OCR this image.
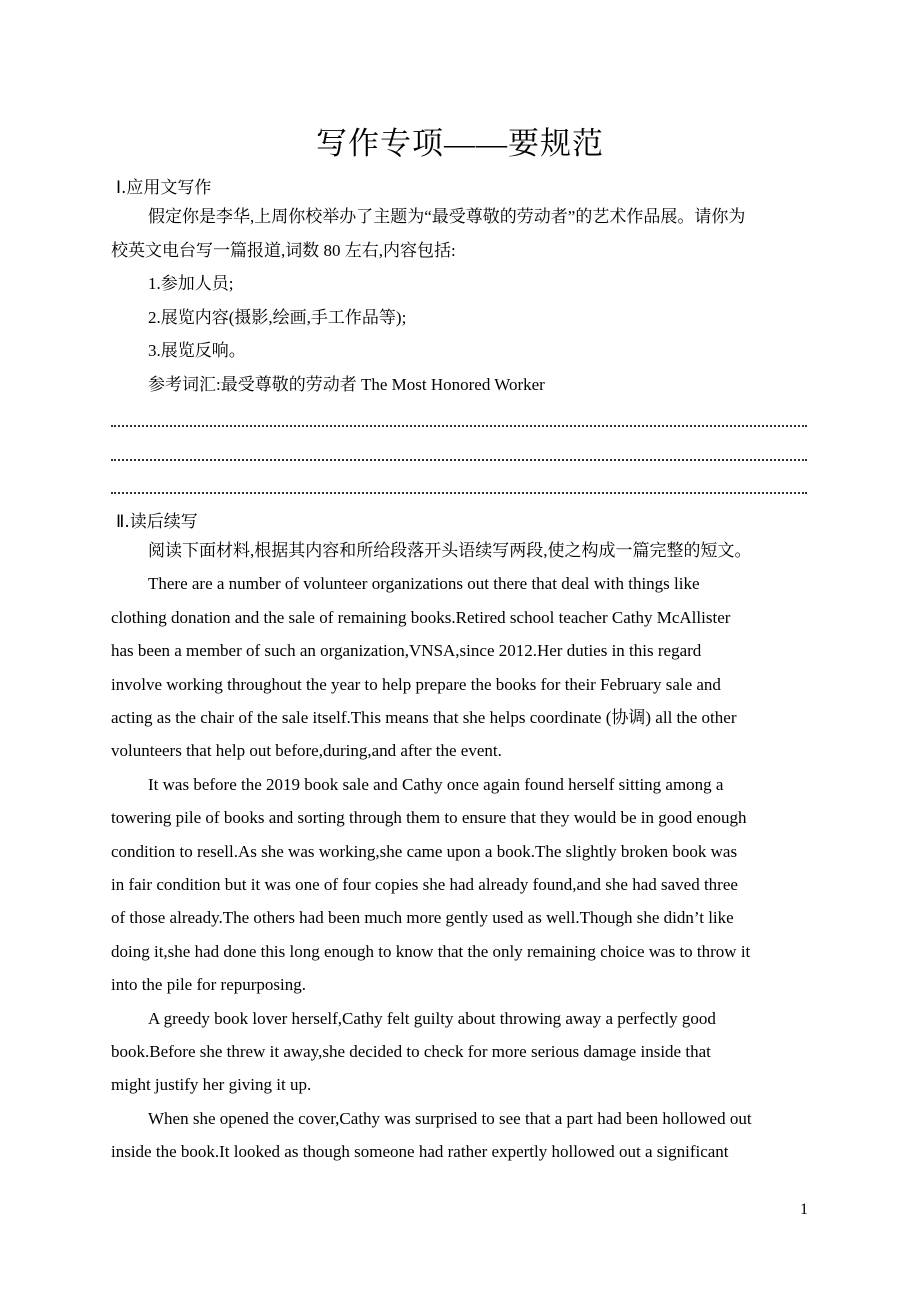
写作专项——要规范
Ⅰ.应用文写作
假定你是李华,上周你校举办了主题为“最受尊敬的劳动者”的艺术作品展。请你为
校英文电台写一篇报道,词数 80 左右,内容包括:
1.参加人员;
2.展览内容(摄影,绘画,手工作品等);
3.展览反响。
参考词汇:最受尊敬的劳动者 The Most Honored Worker
Ⅱ.读后续写
阅读下面材料,根据其内容和所给段落开头语续写两段,使之构成一篇完整的短文。
There are a number of volunteer organizations out there that deal with things like
clothing donation and the sale of remaining books.Retired school teacher Cathy McAllister
has been a member of such an organization,VNSA,since 2012.Her duties in this regard
involve working throughout the year to help prepare the books for their February sale and
acting as the chair of the sale itself.This means that she helps coordinate (协调) all the other
volunteers that help out before,during,and after the event.
It was before the 2019 book sale and Cathy once again found herself sitting among a
towering pile of books and sorting through them to ensure that they would be in good enough
condition to resell.As she was working,she came upon a book.The slightly broken book was
in fair condition but it was one of four copies she had already found,and she had saved three
of those already.The others had been much more gently used as well.Though she didn’t like
doing it,she had done this long enough to know that the only remaining choice was to throw it
into the pile for repurposing.
A greedy book lover herself,Cathy felt guilty about throwing away a perfectly good
book.Before she threw it away,she decided to check for more serious damage inside that
might justify her giving it up.
When she opened the cover,Cathy was surprised to see that a part had been hollowed out
inside the book.It looked as though someone had rather expertly hollowed out a significant
1
